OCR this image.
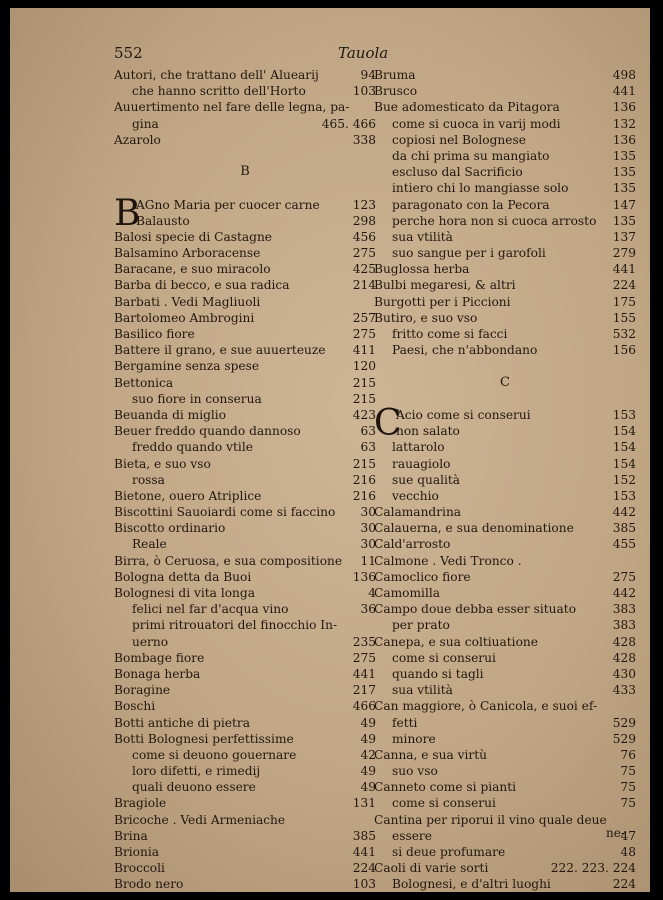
552	Tauola
Autori, che trattano dell' Aluearij	94
che hanno scritto dell'Horto	103
Auuertimento nel fare delle legna, pa-
gina	465. 466
Azarolo	338
B
B
AGno Maria per cuocer carne	123
Balausto	298
Balosi specie di Castagne	456
Balsamino Arboracense	275
Baracane, e suo miracolo	425
Barba di becco, e sua radica	214
Barbati . Vedi Magliuoli
Bartolomeo Ambrogini	257
Basilico fiore	275
Battere il grano, e sue auuerteuze 411
Bergamine senza spese	120
Bettonica	215
suo fiore in conserua	215
Beuanda di miglio	423
Beuer freddo quando dannoso	63
freddo quando vtile	63
Bieta, e suo vso	215
rossa	216
Bietone, ouero Atriplice	216
Biscottini Sauoiardi come si faccino 30
Biscotto ordinario	30
Reale	30
Birra, ò Ceruosa, e sua compositione 11
Bologna detta da Buoi	136
Bolognesi di vita longa	4
felici nel far d'acqua vino	36
primi ritrouatori del finocchio In-
uerno	235
Bombage fiore	275
Bonaga herba	441
Boragine	217
Boschi	466
Botti antiche di pietra	49
Botti Bolognesi perfettissime	49
come si deuono gouernare	42
loro difetti, e rimedij	49
quali deuono essere	49
Bragiole	131
Bricoche . Vedi Armeniache
Brina	385
Brionia	441
Broccoli	224
Brodo nero	103
Bruma	498
Brusco	441
Bue adomesticato da Pitagora	136
come si cuoca in varij modi	132
copiosi nel Bolognese	136
da chi prima su mangiato	135
escluso dal Sacrificio	135
intiero chi lo mangiasse solo	135
paragonato con la Pecora	147
perche hora non si cuoca arrosto 135
sua vtilità	137
suo sangue per i garofoli	279
Buglossa herba	441
Bulbi megaresi, & altri	224
Burgotti per i Piccioni	175
Butiro, e suo vso	155
fritto come si facci	532
Paesi, che n'abbondano	156
C
C
Acio come si conserui	153
non salato	154
lattarolo	154
rauagiolo	154
sue qualità	152
vecchio	153
Calamandrina	442
Calauerna, e sua denominatione	385
Cald'arrosto	455
Calmone . Vedi Tronco .
Camoclico fiore	275
Camomilla	442
Campo doue debba esser situato	383
per prato	383
Canepa, e sua coltiuatione	428
come si conserui	428
quando si tagli	430
sua vtilità	433
Can maggiore, ò Canicola, e suoi ef-
fetti	529
minore	529
Canna, e sua virtù	76
suo vso	75
Canneto come si pianti	75
come si conserui	75
Cantina per riporui il vino quale deue
essere	47
si deue profumare	48
Caoli di varie sorti	222. 223. 224
Bolognesi, e d'altri luoghi	224
ne-
